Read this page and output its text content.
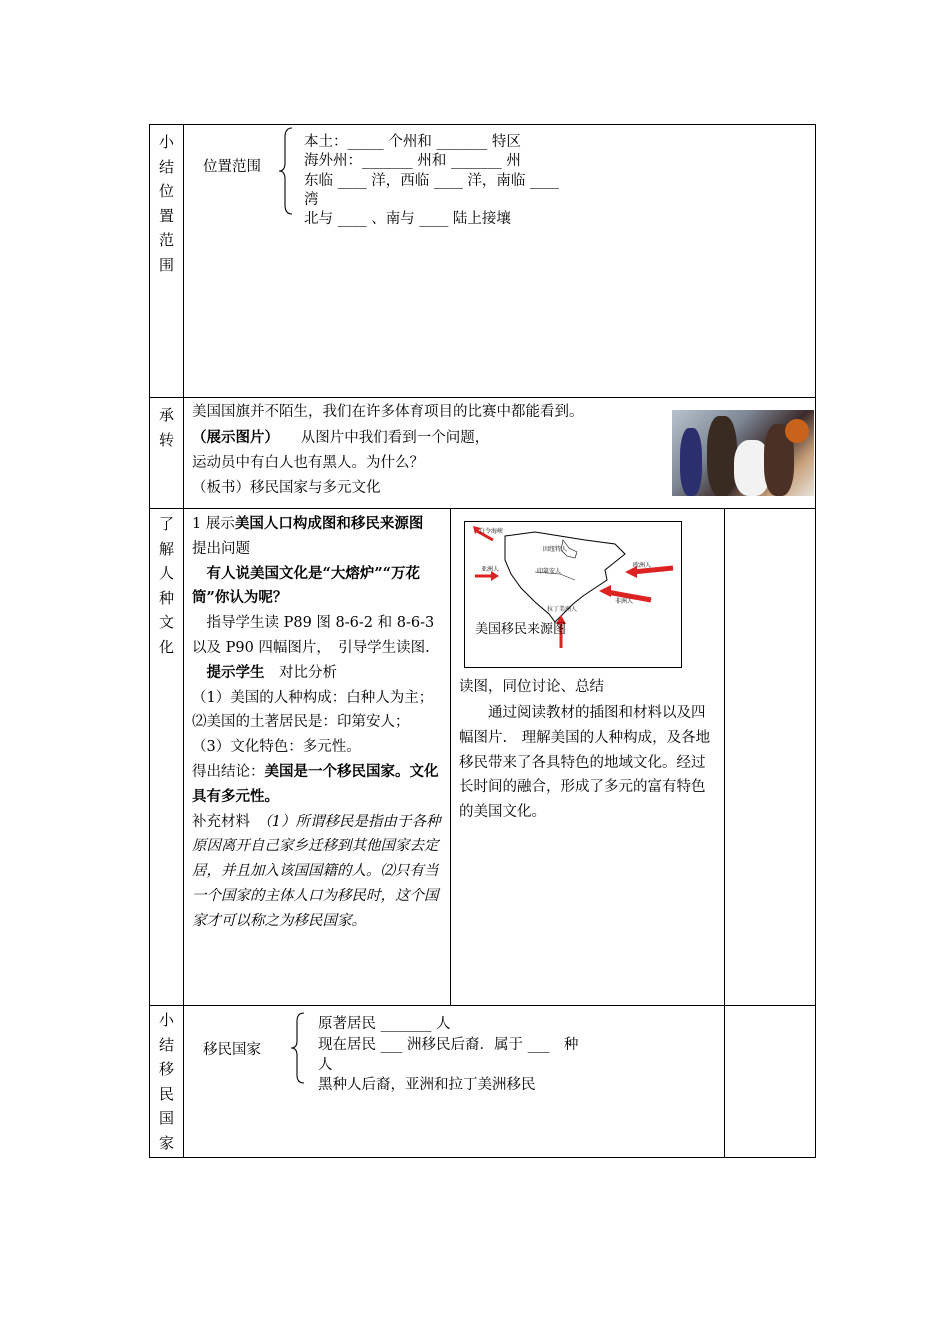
小
结
位
置
范
围
位置范围
本土：_____ 个州和 _______ 特区
海外州：_______ 州和 _______ 州
东临 ____ 洋，西临 ____ 洋，南临 ____
湾
北与 ____ 、南与 ____ 陆上接壤
承
转
美国国旗并不陌生，我们在许多体育项目的比赛中都能看到。
（展示图片）　　从图片中我们看到一个问题，
运动员中有白人也有黑人。为什么？
（板书）移民国家与多元文化
了
解
人
种
文
化
1 展示美国人口构成图和移民来源图　提出问题
　有人说美国文化是“大熔炉”“万花筒”你认为呢？
　指导学生读 P89 图 8-6-2 和 8-6-3 以及 P90 四幅图片，　引导学生读图.
　提示学生　对比分析
（1）美国的人种构成：白种人为主；⑵美国的土著居民是：印第安人；
（3）文化特色：多元性。
得出结论：美国是一个移民国家。文化具有多元性。
补充材料　（1）所谓移民是指由于各种原因离开自己家乡迁移到其他国家去定居，并且加入该国国籍的人。⑵只有当一个国家的主体人口为移民时，这个国家才可以称之为移民国家。
白令海峡
因纽特人
欧洲人
亚洲人	印第安人
非洲人
拉丁美洲人
美国移民来源图
读图，同位讨论、总结
　　通过阅读教材的插图和材料以及四幅图片.　理解美国的人种构成，及各地移民带来了各具特色的地域文化。经过长时间的融合，形成了多元的富有特色的美国文化。
小
结
移
民
国
家
移民国家
原著居民 _______ 人
现在居民 ___ 洲移民后裔．属于 ___　种
人
黑种人后裔，亚洲和拉丁美洲移民
